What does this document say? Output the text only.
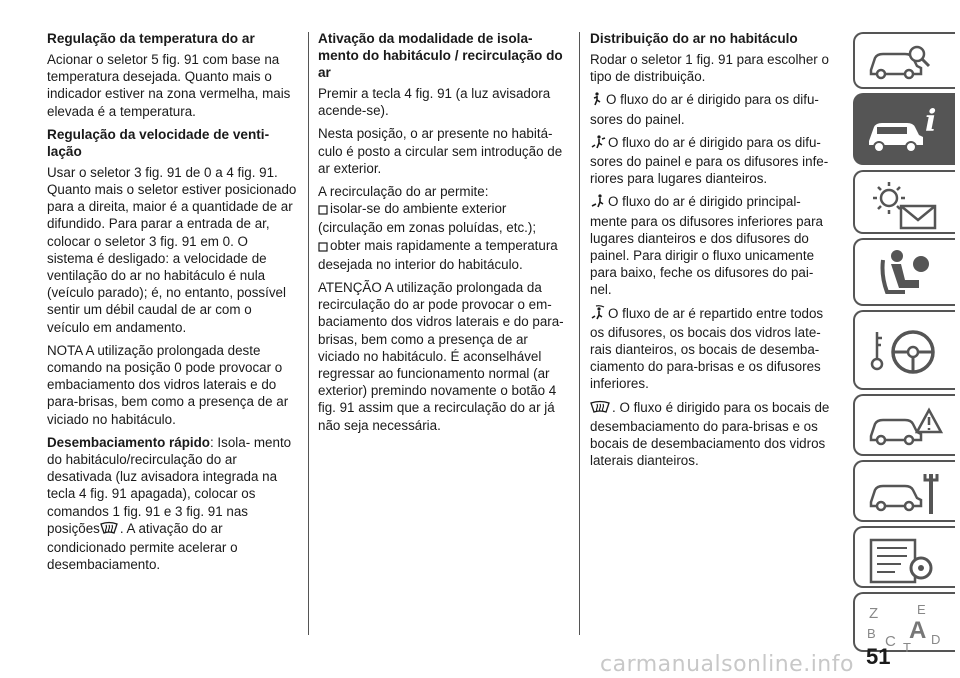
Regulação da temperatura do ar

Acionar o seletor 5 fig. 91 com base na temperatura desejada. Quanto mais o indicador estiver na zona vermelha, mais elevada é a temperatura.

Regulação da velocidade de venti- lação

Usar o seletor 3 fig. 91 de 0 a 4 fig. 91. Quanto mais o seletor estiver posicionado para a direita, maior é a quantidade de ar difundido. Para parar a entrada de ar, colocar o seletor 3 fig. 91 em 0. O sistema é desligado: a velocidade de ventilação do ar no habitáculo é nula (veículo parado); é, no entanto, possível sentir um débil caudal de ar com o veículo em andamento.

NOTA A utilização prolongada deste comando na posição 0 pode provocar o embaciamento dos vidros laterais e do para-brisas, bem como a presença de ar viciado no habitáculo.

Desembaciamento rápido: Isola- mento do habitáculo/recirculação do ar desativada (luz avisadora integrada na tecla 4 fig. 91 apagada), colocar os comandos 1 fig. 91 e 3 fig. 91 nas posições . A ativação do ar condicionado permite acelerar o desembaciamento.

Ativação da modalidade de isola- mento do habitáculo / recirculação do ar

Premir a tecla 4 fig. 91 (a luz avisadora acende-se).

Nesta posição, o ar presente no habitá- culo é posto a circular sem introdução de ar exterior.

A recirculação do ar permite:

isolar-se do ambiente exterior (circulação em zonas poluídas, etc.);

obter mais rapidamente a temperatura desejada no interior do habitáculo.

ATENÇÃO A utilização prolongada da recirculação do ar pode provocar o em- baciamento dos vidros laterais e do para-brisas, bem como a presença de ar viciado no habitáculo. É aconselhável regressar ao funcionamento normal (ar exterior) premindo novamente o botão 4 fig. 91 assim que a recirculação do ar já não seja necessária.

Distribuição do ar no habitáculo

Rodar o seletor 1 fig. 91 para escolher o tipo de distribuição.

O fluxo do ar é dirigido para os difu- sores do painel.

O fluxo do ar é dirigido para os difu- sores do painel e para os difusores infe- riores para lugares dianteiros.

O fluxo do ar é dirigido principal- mente para os difusores inferiores para lugares dianteiros e dos difusores do painel. Para dirigir o fluxo unicamente para baixo, feche os difusores do pai- nel.

O fluxo de ar é repartido entre todos os difusores, os bocais dos vidros late- rais dianteiros, os bocais de desemba- ciamento do para-brisas e os difusores inferiores.

. O fluxo é dirigido para os bocais de desembaciamento do para-brisas e os bocais de desembaciamento dos vidros laterais dianteiros.

i
Z	E
B A
C	D
T
carmanualsonline.info 51
